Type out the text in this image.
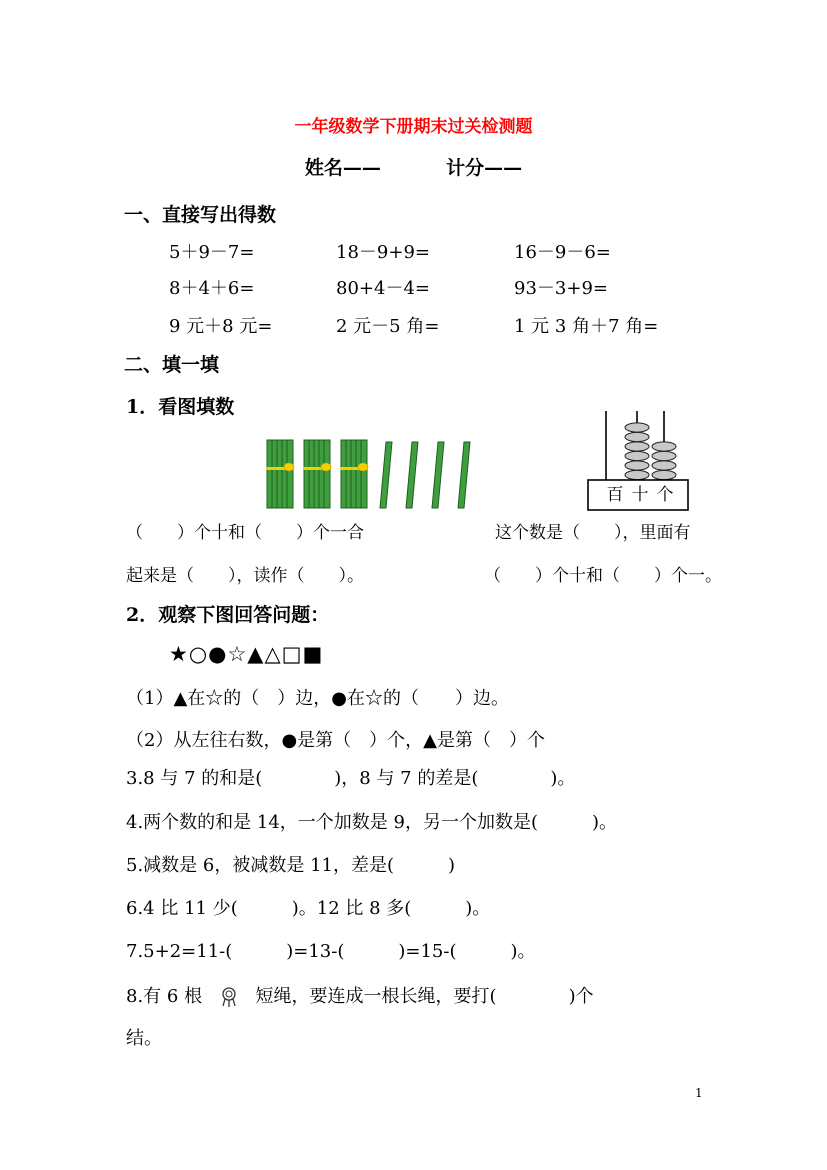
一年级数学下册期末过关检测题
姓名——	计分——
一、直接写出得数
5＋9－7=	18－9+9=	16－9－6=
8＋4＋6=	80+4－4=	93－3+9=
9 元＋8 元=	2 元－5 角=	1 元 3 角＋7 角=
二、填一填
1．看图填数
百 十 个
（　　）个十和（　　）个一合
起来是（　　），读作（　　）。
这个数是（　　），里面有
（　　）个十和（　　）个一。
2．观察下图回答问题：
★○●☆▲△□■
（1）▲在☆的（　）边，●在☆的（　　）边。
（2）从左往右数，●是第（　）个，▲是第（　）个
3.8 与 7 的和是(　　　　)，8 与 7 的差是(　　　　)。
4.两个数的和是 14，一个加数是 9，另一个加数是(　　　)。
5.减数是 6，被减数是 11，差是(　　　)
6.4 比 11 少(　　　)。12 比 8 多(　　　)。
7.5+2=11-(　　　)=13-(　　　)=15-(　　　)。
8.有 6 根	短绳，要连成一根长绳，要打(　　　　)个
结。
1
